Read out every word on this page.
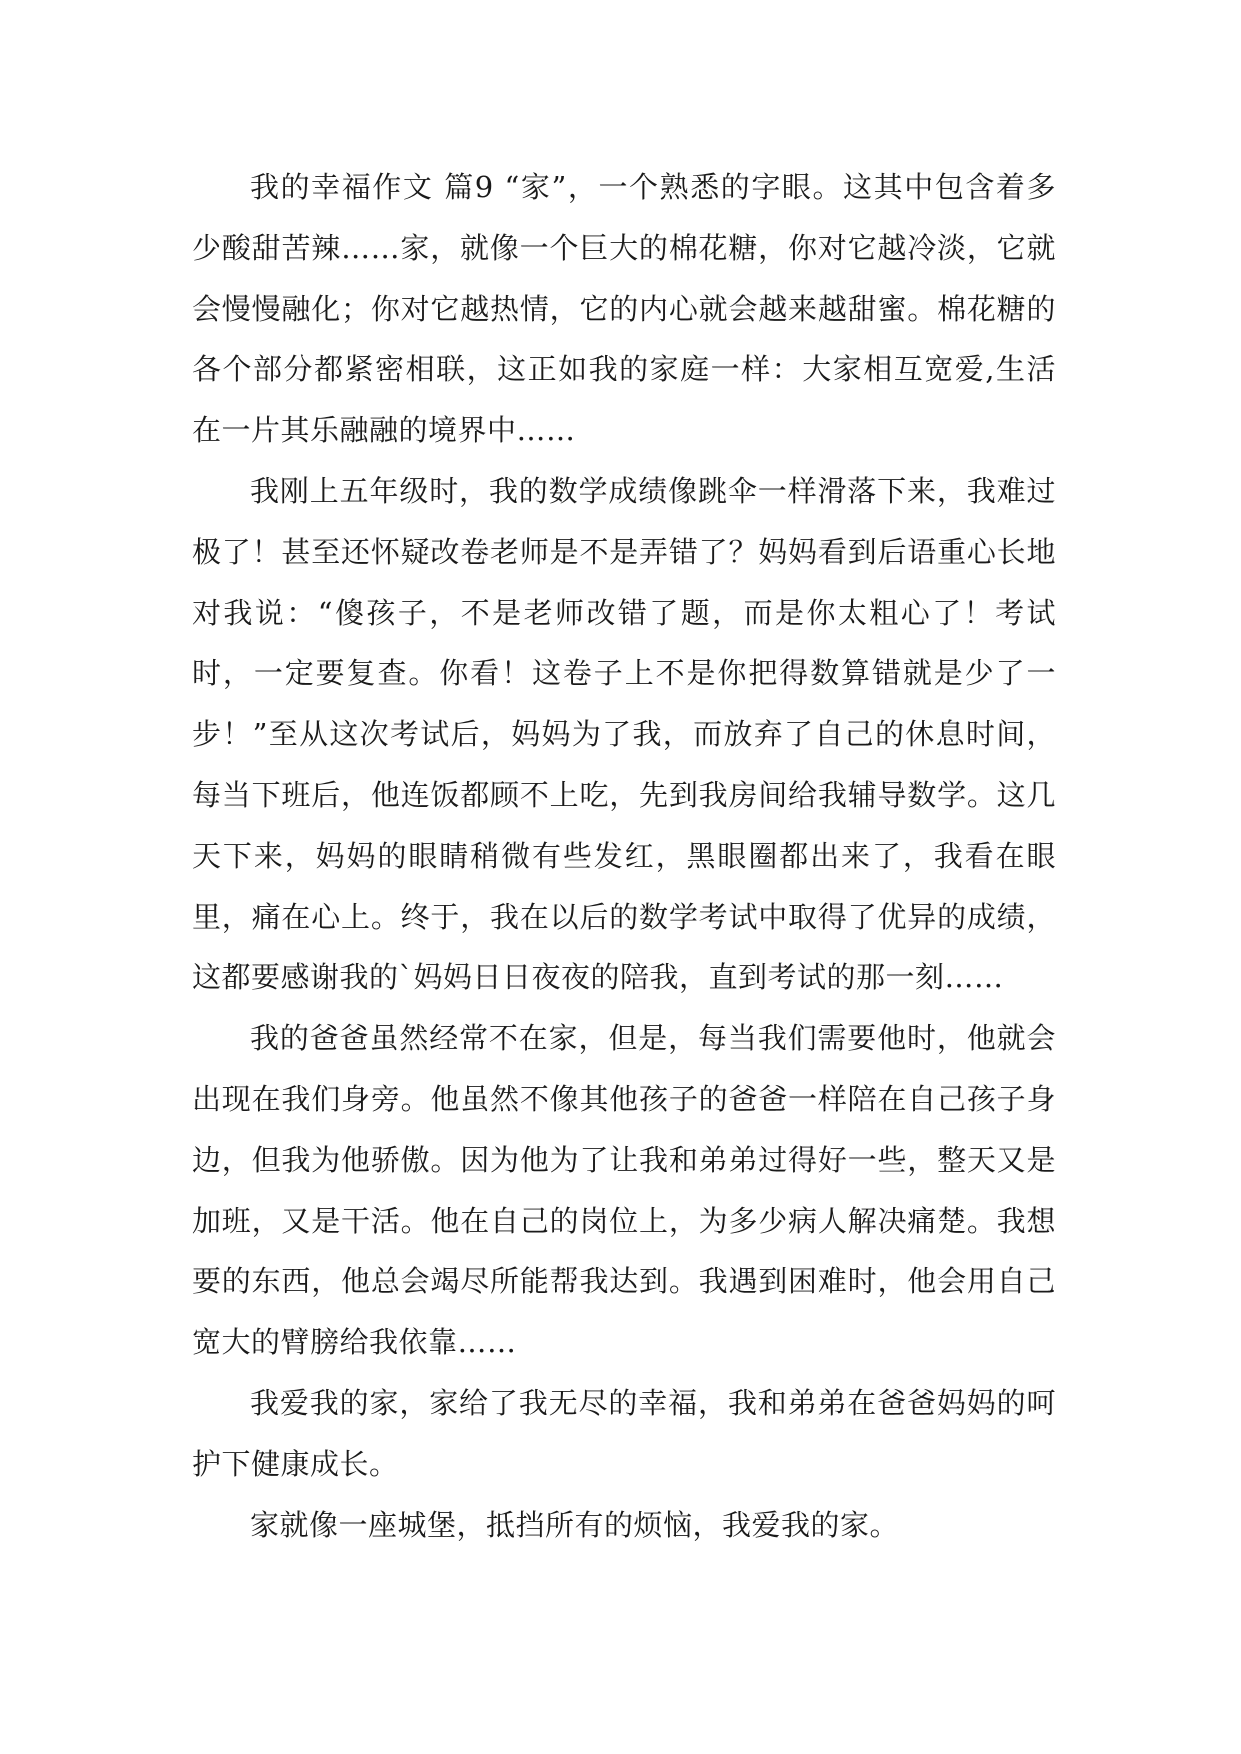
我的幸福作文 篇9 “家”，一个熟悉的字眼。这其中包含着多少酸甜苦辣……家，就像一个巨大的棉花糖，你对它越冷淡，它就会慢慢融化；你对它越热情，它的内心就会越来越甜蜜。棉花糖的各个部分都紧密相联，这正如我的家庭一样：大家相互宽爱,生活在一片其乐融融的境界中……

我刚上五年级时，我的数学成绩像跳伞一样滑落下来，我难过极了！甚至还怀疑改卷老师是不是弄错了？妈妈看到后语重心长地对我说：“傻孩子，不是老师改错了题，而是你太粗心了！考试时，一定要复查。你看！这卷子上不是你把得数算错就是少了一步！”至从这次考试后，妈妈为了我，而放弃了自己的休息时间，每当下班后，他连饭都顾不上吃，先到我房间给我辅导数学。这几天下来，妈妈的眼睛稍微有些发红，黑眼圈都出来了，我看在眼里，痛在心上。终于，我在以后的数学考试中取得了优异的成绩，这都要感谢我的`妈妈日日夜夜的陪我，直到考试的那一刻……

我的爸爸虽然经常不在家，但是，每当我们需要他时，他就会出现在我们身旁。他虽然不像其他孩子的爸爸一样陪在自己孩子身边，但我为他骄傲。因为他为了让我和弟弟过得好一些，整天又是加班，又是干活。他在自己的岗位上，为多少病人解决痛楚。我想要的东西，他总会竭尽所能帮我达到。我遇到困难时，他会用自己宽大的臂膀给我依靠……

我爱我的家，家给了我无尽的幸福，我和弟弟在爸爸妈妈的呵护下健康成长。

家就像一座城堡，抵挡所有的烦恼，我爱我的家。
